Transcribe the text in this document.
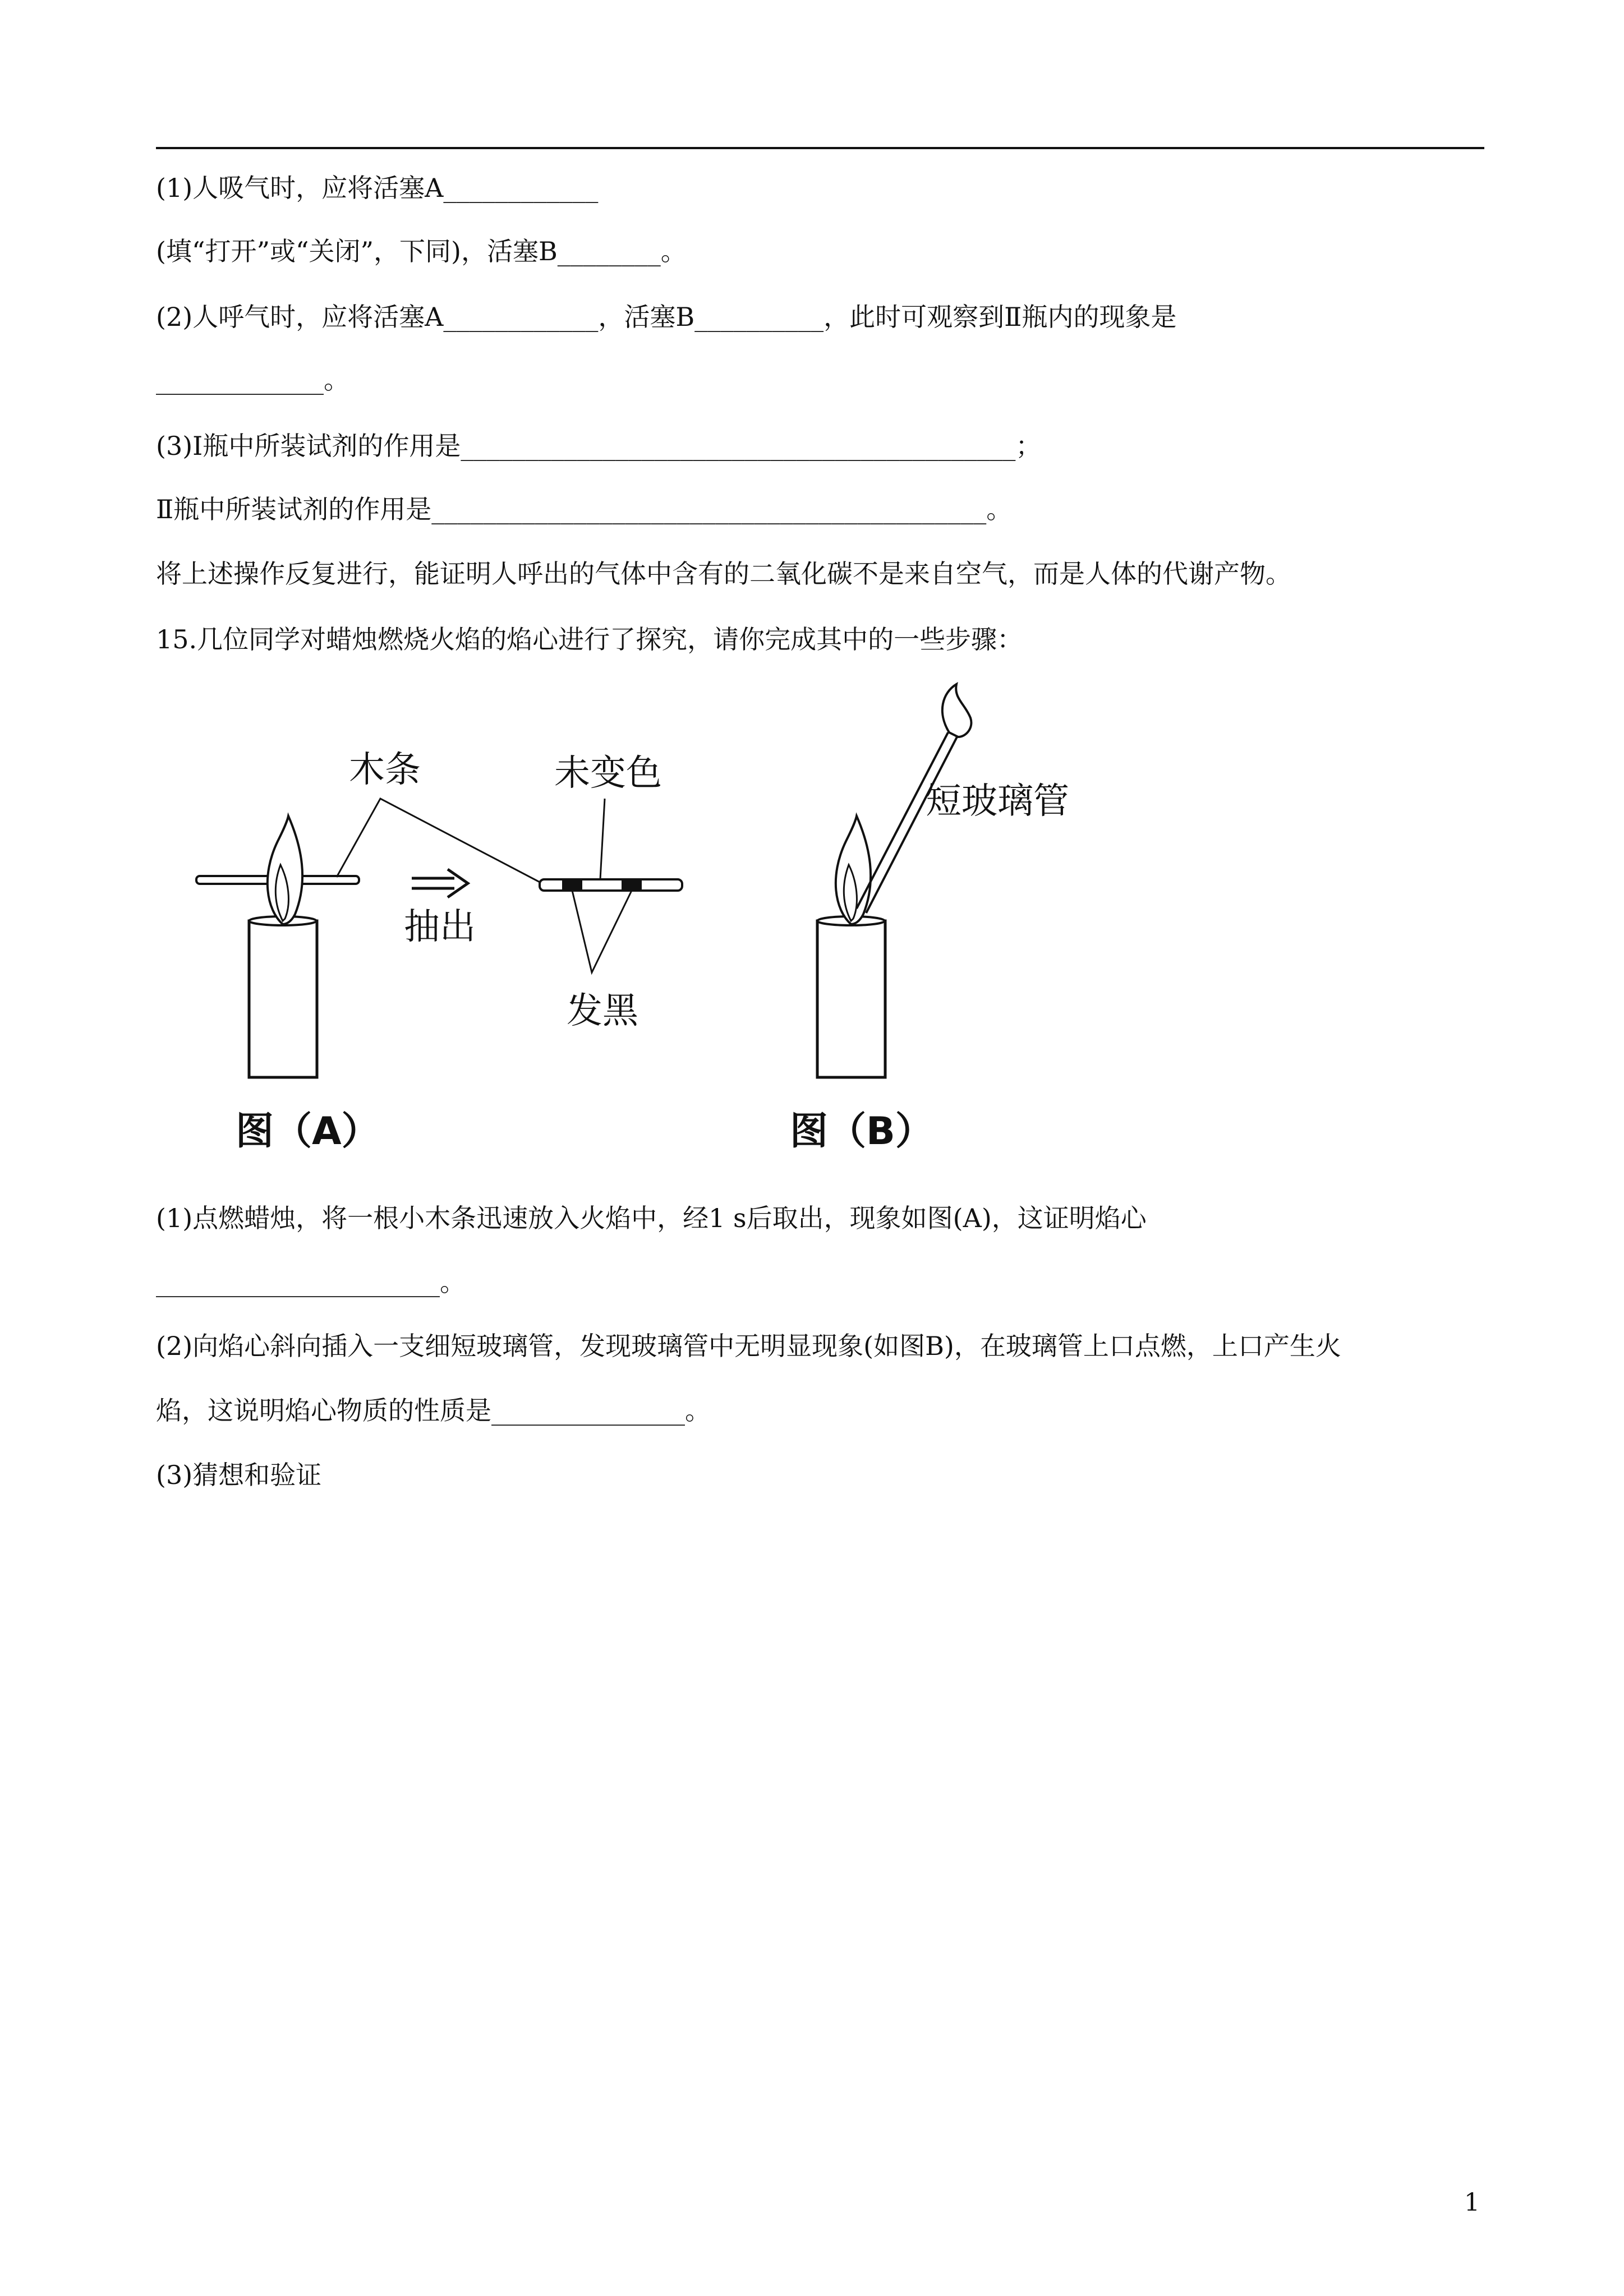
(1)人吸气时，应将活塞A____________
(填“打开”或“关闭”，下同)，活塞B________。
(2)人呼气时，应将活塞A____________，活塞B__________，此时可观察到Ⅱ瓶内的现象是
_____________。
(3)Ⅰ瓶中所装试剂的作用是___________________________________________；
Ⅱ瓶中所装试剂的作用是___________________________________________。
将上述操作反复进行，能证明人呼出的气体中含有的二氧化碳不是来自空气，而是人体的代谢产物。
15.几位同学对蜡烛燃烧火焰的焰心进行了探究，请你完成其中的一些步骤：
木条
抽出
未变色
发黑
图（A）
短玻璃管
图（B）
(1)点燃蜡烛，将一根小木条迅速放入火焰中，经1 s后取出，现象如图(A)，这证明焰心
______________________。
(2)向焰心斜向插入一支细短玻璃管，发现玻璃管中无明显现象(如图B)，在玻璃管上口点燃，上口产生火
焰，这说明焰心物质的性质是_______________。
(3)猜想和验证
1
